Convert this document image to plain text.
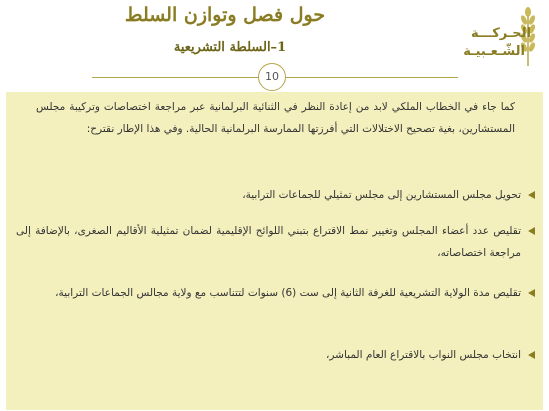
حول فصل وتوازن السلط
1–السلطة التشريعية
الحـركـــة
الشّـعـبيـة
10
كما جاء في الخطاب الملكي لابد من إعادة النظر في الثنائية البرلمانية عبر مراجعة اختصاصات وتركيبة مجلس المستشارين، بغية تصحيح الاختلالات التي أفرزتها الممارسة البرلمانية الحالية. وفي هذا الإطار نقترح:
تحويل مجلس المستشارين إلى مجلس تمثيلي للجماعات الترابية،
تقليص عدد أعضاء المجلس وتغيير نمط الاقتراع بتبني اللوائح الإقليمية لضمان تمثيلية الأقاليم الصغرى، بالإضافة إلى مراجعة اختصاصاته،
تقليص مدة الولاية التشريعية للغرفة الثانية إلى ست (6) سنوات لتتناسب مع ولاية مجالس الجماعات الترابية،
انتخاب مجلس النواب بالاقتراع العام المباشر،
